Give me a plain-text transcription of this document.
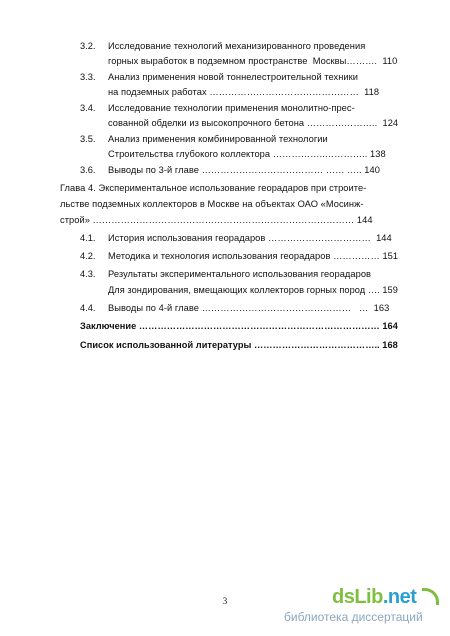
3.2. Исследование технологий механизированного проведения
горных выработок в подземном пространстве  Москвы……….  110
3.3. Анализ применения новой тоннелестроительной техники
на подземных работах …………………………………………  118
3.4. Исследование технологии применения монолитно-прес-
сованной обделки из высокопрочного бетона …………………..  124
3.5. Анализ применения комбинированной технологии
Строительства глубокого коллектора ……………..………….. 138
3.6. Выводы по 3-й главе ………………………………… …… ….. 140
Глава 4. Экспериментальное использование георадаров при строите-
льстве подземных коллекторов в Москве на объектах ОАО «Мосинж-
строй» ………………………………………………………………………… 144
4.1. История использования георадаров ……………………………  144
4.2. Методика и технология использования георадаров …………… 151
4.3. Результаты экспериментального использования георадаров
Для зондирования, вмещающих коллекторов горных пород …. 159
4.4. Выводы по 4-й главе …………………………………………   …  163
Заключение …………………………………………………………………… 164
Список использованной литературы ………………………………….. 168
3	dsLib.net
библиотека диссертаций
